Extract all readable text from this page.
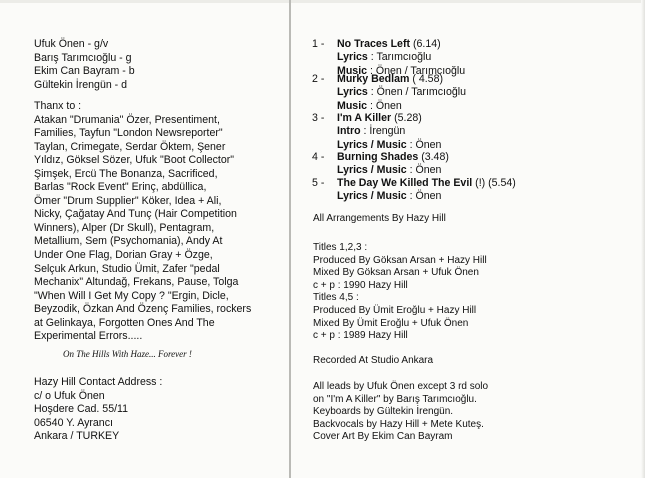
Ufuk Önen - g/v
Barış Tarımcıoğlu - g
Ekim Can Bayram - b
Gültekin İrengün - d
Thanx to :
Atakan "Drumania" Özer, Presentiment,
Families, Tayfun "London Newsreporter"
Taylan, Crimegate, Serdar Öktem, Şener
Yıldız, Göksel Sözer, Ufuk "Boot Collector"
Şimşek, Ercü The Bonanza, Sacrificed,
Barlas "Rock Event" Erinç, abdüllica,
Ömer "Drum Supplier" Köker, Idea + Ali,
Nicky, Çağatay And Tunç (Hair Competition
Winners), Alper (Dr Skull), Pentagram,
Metallium, Sem (Psychomania), Andy At
Under One Flag, Dorian Gray + Özge,
Selçuk Arkun, Studio Ümit, Zafer "pedal
Mechanix" Altundağ, Frekans, Pause, Tolga
"When Will I Get My Copy ? "Ergin, Dicle,
Beyzodik, Özkan And Özenç Families, rockers
at Gelinkaya, Forgotten Ones And The
Experimental Errors.....
On The Hills With Haze... Forever !
Hazy Hill Contact Address :
c/ o Ufuk Önen
Hoşdere Cad. 55/11
06540 Y. Ayrancı
Ankara / TURKEY
1 - No Traces Left (6.14)
Lyrics : Tarımcıoğlu
Music : Önen / Tarımcıoğlu
2 - Murky Bedlam ( 4.58)
Lyrics : Önen / Tarımcıoğlu
Music : Önen
3 - I'm A Killer (5.28)
Intro : İrengün
Lyrics / Music : Önen
4 - Burning Shades (3.48)
Lyrics / Music : Önen
5 - The Day We Killed The Evil (!) (5.54)
Lyrics / Music : Önen
All Arrangements By Hazy Hill
Titles 1,2,3 :
Produced By Göksan Arsan + Hazy Hill
Mixed By Göksan Arsan + Ufuk Önen
c + p : 1990 Hazy Hill
Titles 4,5 :
Produced By Ümit Eroğlu + Hazy Hill
Mixed By Ümit Eroğlu + Ufuk Önen
c + p : 1989 Hazy Hill
Recorded At Studio Ankara
All leads by Ufuk Önen except 3 rd solo
on "I'm A Killer" by Barış Tarımcıoğlu.
Keyboards by Gültekin İrengün.
Backvocals by Hazy Hill + Mete Kuteş.
Cover Art By Ekim Can Bayram
